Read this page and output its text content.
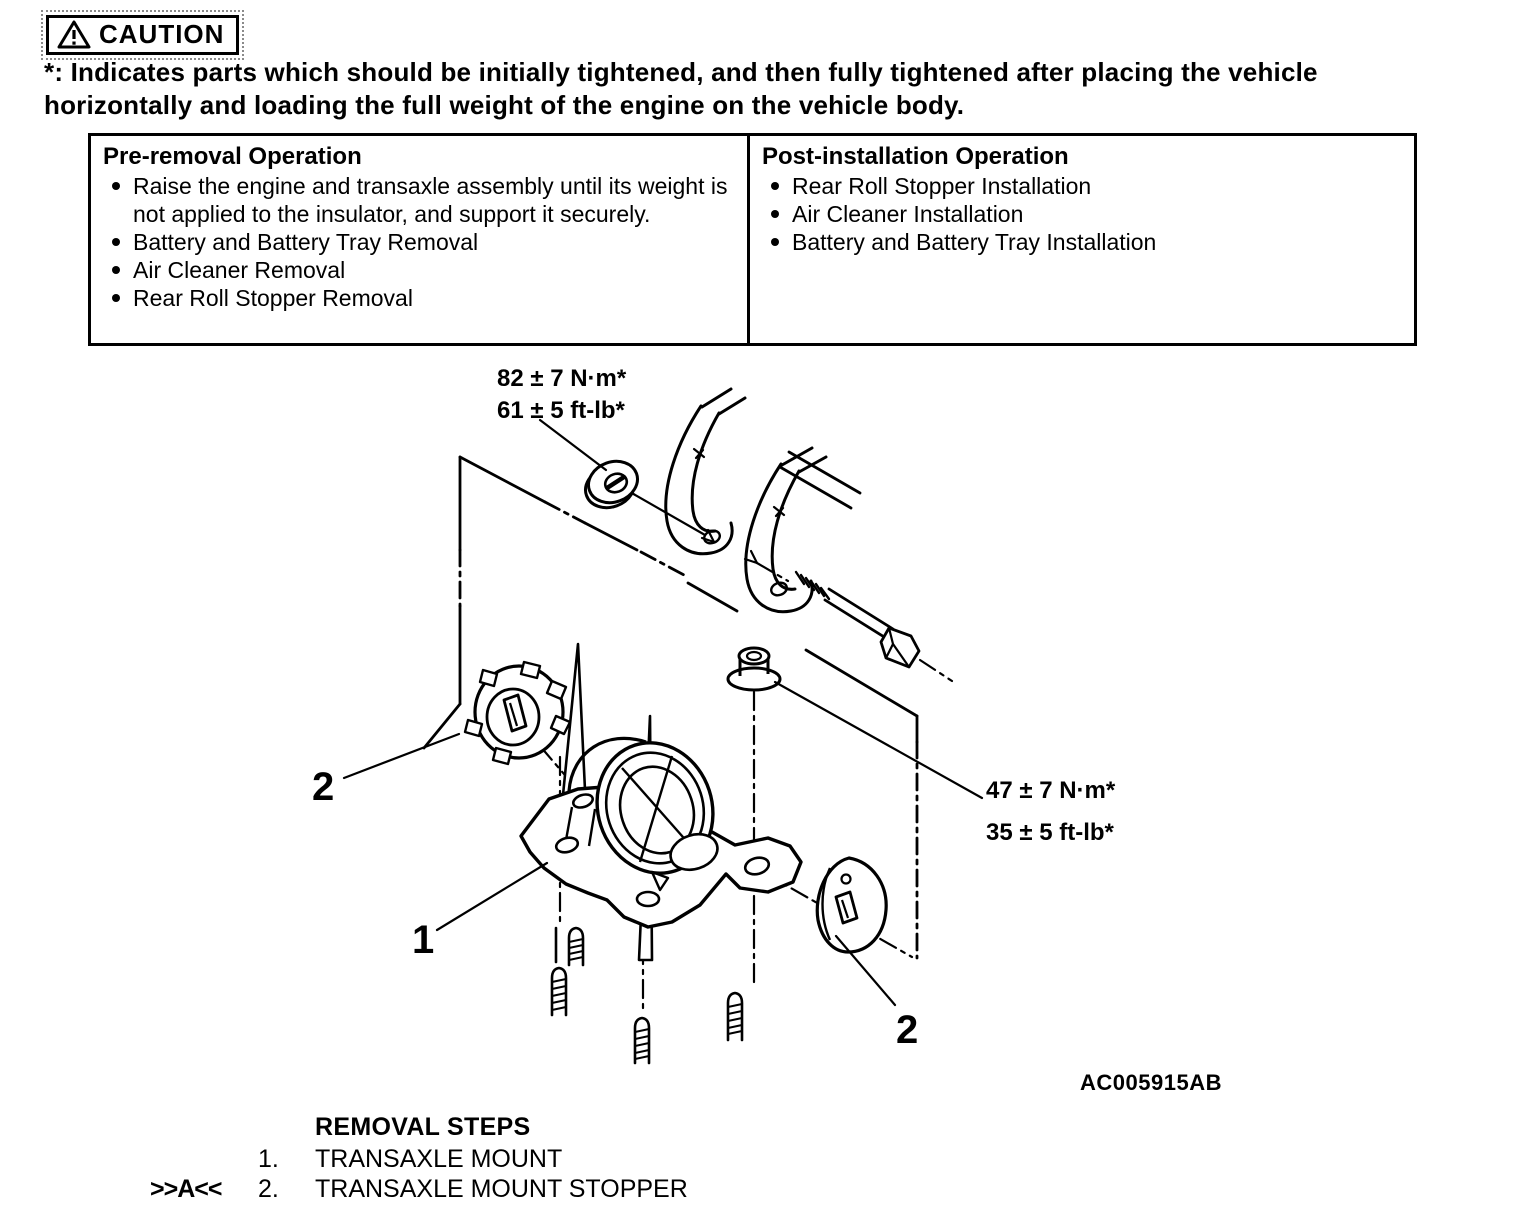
CAUTION
*: Indicates parts which should be initially tightened, and then fully tightened after placing the vehicle horizontally and loading the full weight of the engine on the vehicle body.
Pre-removal Operation
Raise the engine and transaxle assembly until its weight is not applied to the insulator, and support it securely.
Battery and Battery Tray Removal
Air Cleaner Removal
Rear Roll Stopper Removal
Post-installation Operation
Rear Roll Stopper Installation
Air Cleaner Installation
Battery and Battery Tray Installation
82 ± 7 N·m*
61 ± 5 ft-lb*
47 ± 7 N·m*
35 ± 5 ft-lb*
1
2
2
AC005915AB
REMOVAL STEPS
1.	TRANSAXLE MOUNT
>>A<<	2.	TRANSAXLE MOUNT STOPPER
